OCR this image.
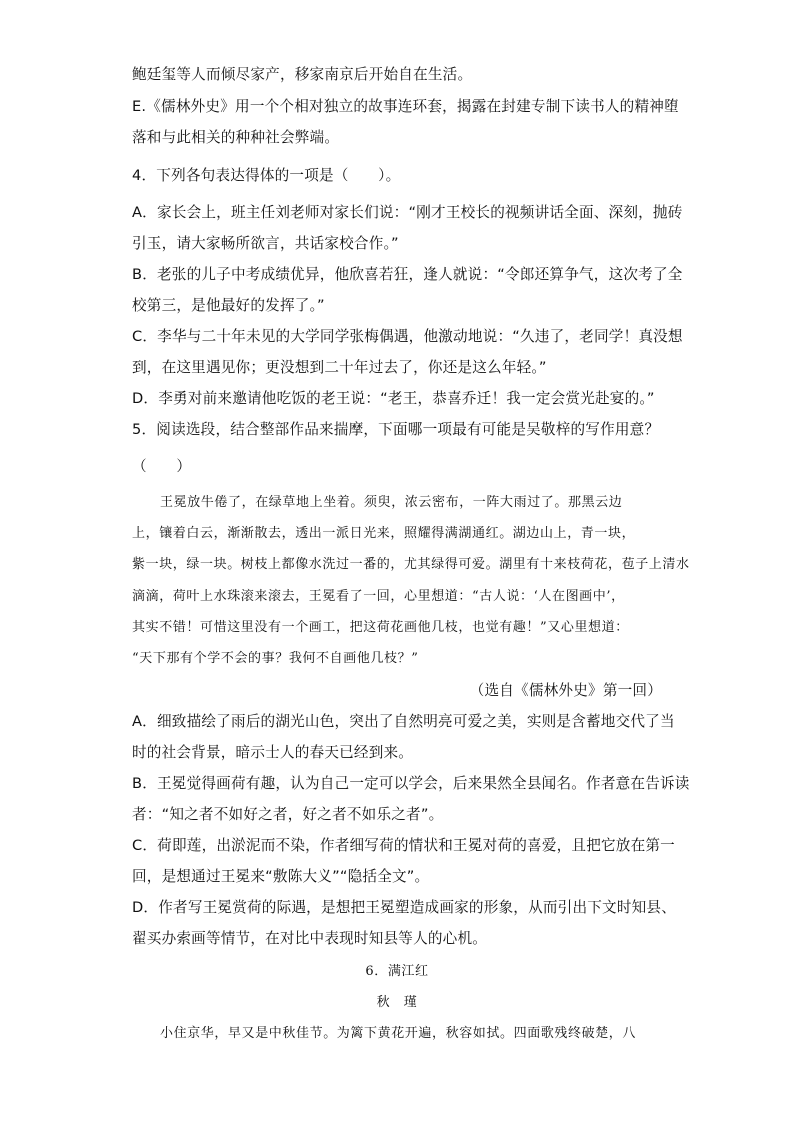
鲍廷玺等人而倾尽家产，移家南京后开始自在生活。
E.《儒林外史》用一个个相对独立的故事连环套，揭露在封建专制下读书人的精神堕
落和与此相关的种种社会弊端。
4．下列各句表达得体的一项是（　　）。
A．家长会上，班主任刘老师对家长们说：“刚才王校长的视频讲话全面、深刻，抛砖
引玉，请大家畅所欲言，共话家校合作。”
B．老张的儿子中考成绩优异，他欣喜若狂，逢人就说：“令郎还算争气，这次考了全
校第三，是他最好的发挥了。”
C．李华与二十年未见的大学同学张梅偶遇，他激动地说：“久违了，老同学！真没想
到，在这里遇见你；更没想到二十年过去了，你还是这么年轻。”
D．李勇对前来邀请他吃饭的老王说：“老王，恭喜乔迁！我一定会赏光赴宴的。”
5．阅读选段，结合整部作品来揣摩，下面哪一项最有可能是吴敬梓的写作用意？
（　　）
王冕放牛倦了，在绿草地上坐着。须臾，浓云密布，一阵大雨过了。那黑云边
上，镶着白云，渐渐散去，透出一派日光来，照耀得满湖通红。湖边山上，青一块，
紫一块，绿一块。树枝上都像水洗过一番的，尤其绿得可爱。湖里有十来枝荷花，苞子上清水
滴滴，荷叶上水珠滚来滚去，王冕看了一回，心里想道：“古人说：‘人在图画中’，
其实不错！可惜这里没有一个画工，把这荷花画他几枝，也觉有趣！”又心里想道：
“天下那有个学不会的事？我何不自画他几枝？”
（选自《儒林外史》第一回）
A．细致描绘了雨后的湖光山色，突出了自然明亮可爱之美，实则是含蓄地交代了当
时的社会背景，暗示士人的春天已经到来。
B．王冕觉得画荷有趣，认为自己一定可以学会，后来果然全县闻名。作者意在告诉读
者：“知之者不如好之者，好之者不如乐之者”。
C．荷即莲，出淤泥而不染，作者细写荷的情状和王冕对荷的喜爱，且把它放在第一
回，是想通过王冕来“敷陈大义”“隐括全文”。
D．作者写王冕赏荷的际遇，是想把王冕塑造成画家的形象，从而引出下文时知县、
翟买办索画等情节，在对比中表现时知县等人的心机。
6．满江红
秋　瑾
小住京华，早又是中秋佳节。为篱下黄花开遍，秋容如拭。四面歌残终破楚，八
